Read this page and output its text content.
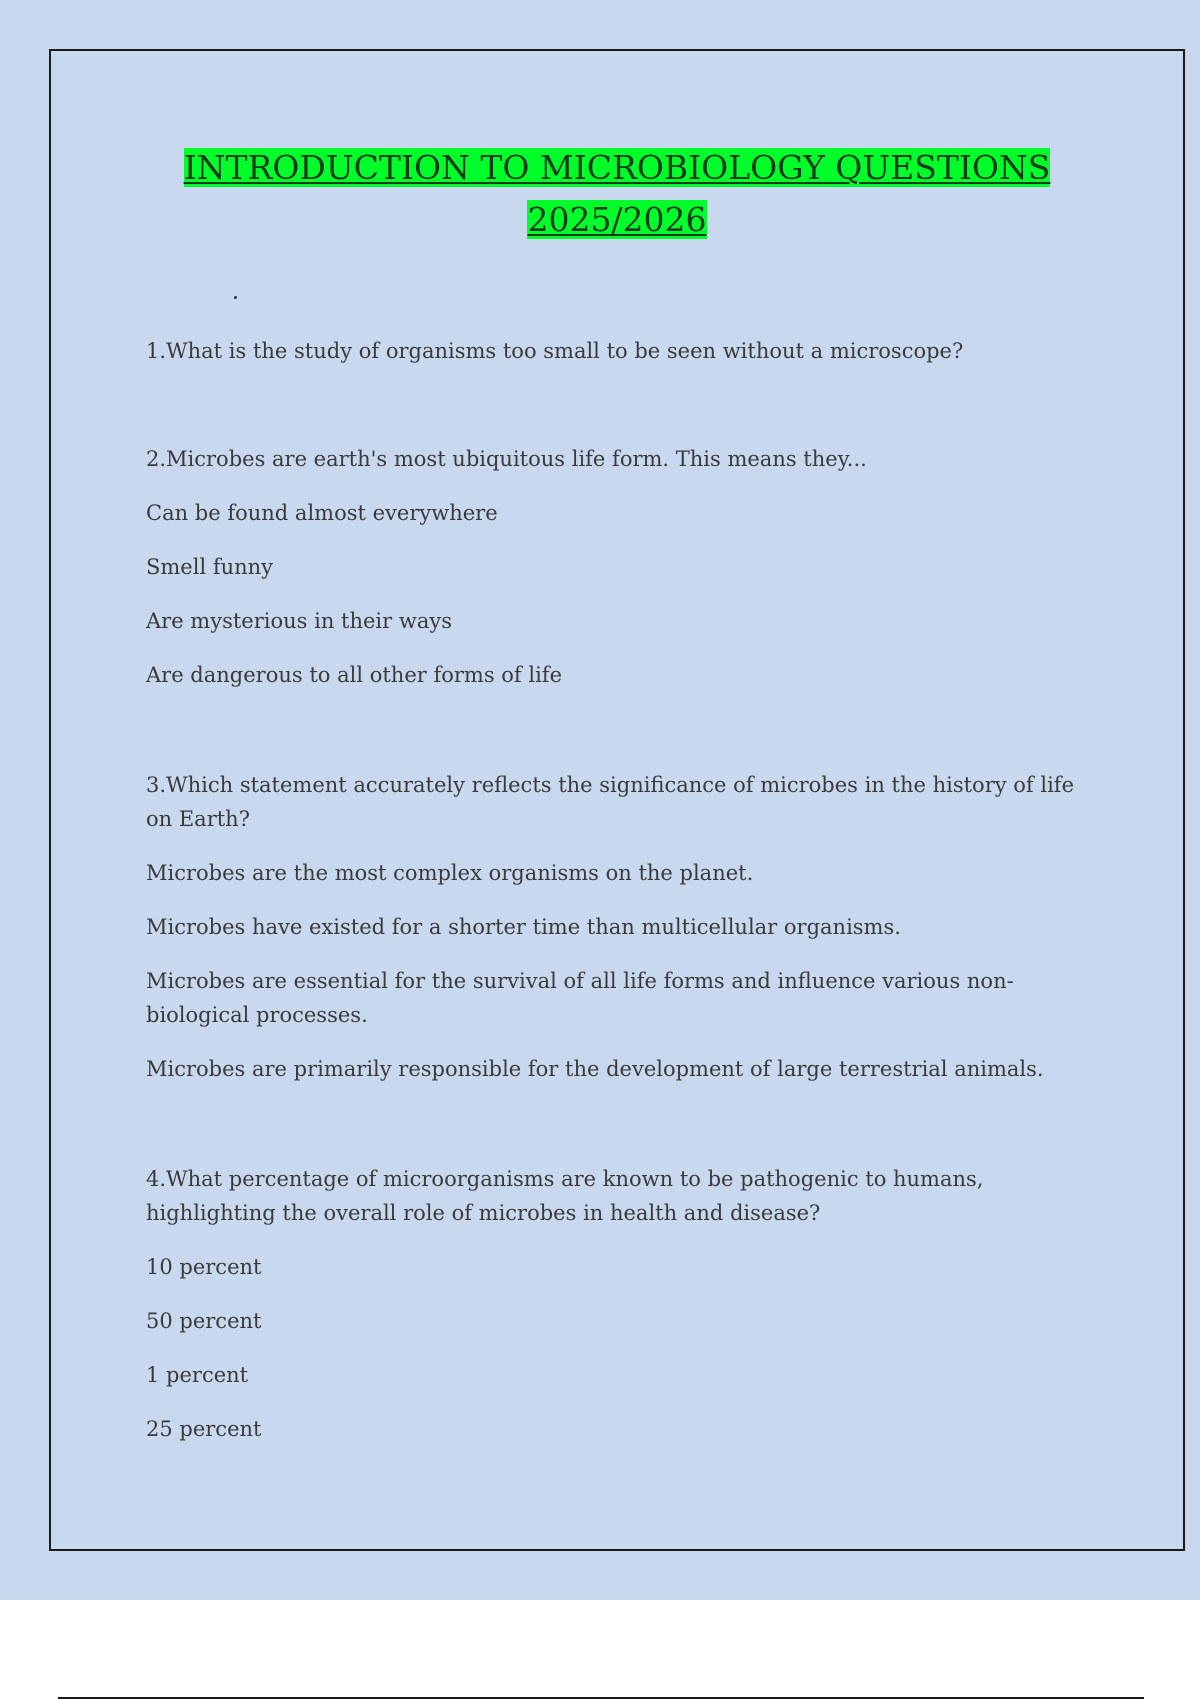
INTRODUCTION TO MICROBIOLOGY QUESTIONS
2025/2026
1.What is the study of organisms too small to be seen without a microscope?
2.Microbes are earth's most ubiquitous life form. This means they...
Can be found almost everywhere
Smell funny
Are mysterious in their ways
Are dangerous to all other forms of life
3.Which statement accurately reflects the significance of microbes in the history of life on Earth?
Microbes are the most complex organisms on the planet.
Microbes have existed for a shorter time than multicellular organisms.
Microbes are essential for the survival of all life forms and influence various non-biological processes.
Microbes are primarily responsible for the development of large terrestrial animals.
4.What percentage of microorganisms are known to be pathogenic to humans, highlighting the overall role of microbes in health and disease?
10 percent
50 percent
1 percent
25 percent
